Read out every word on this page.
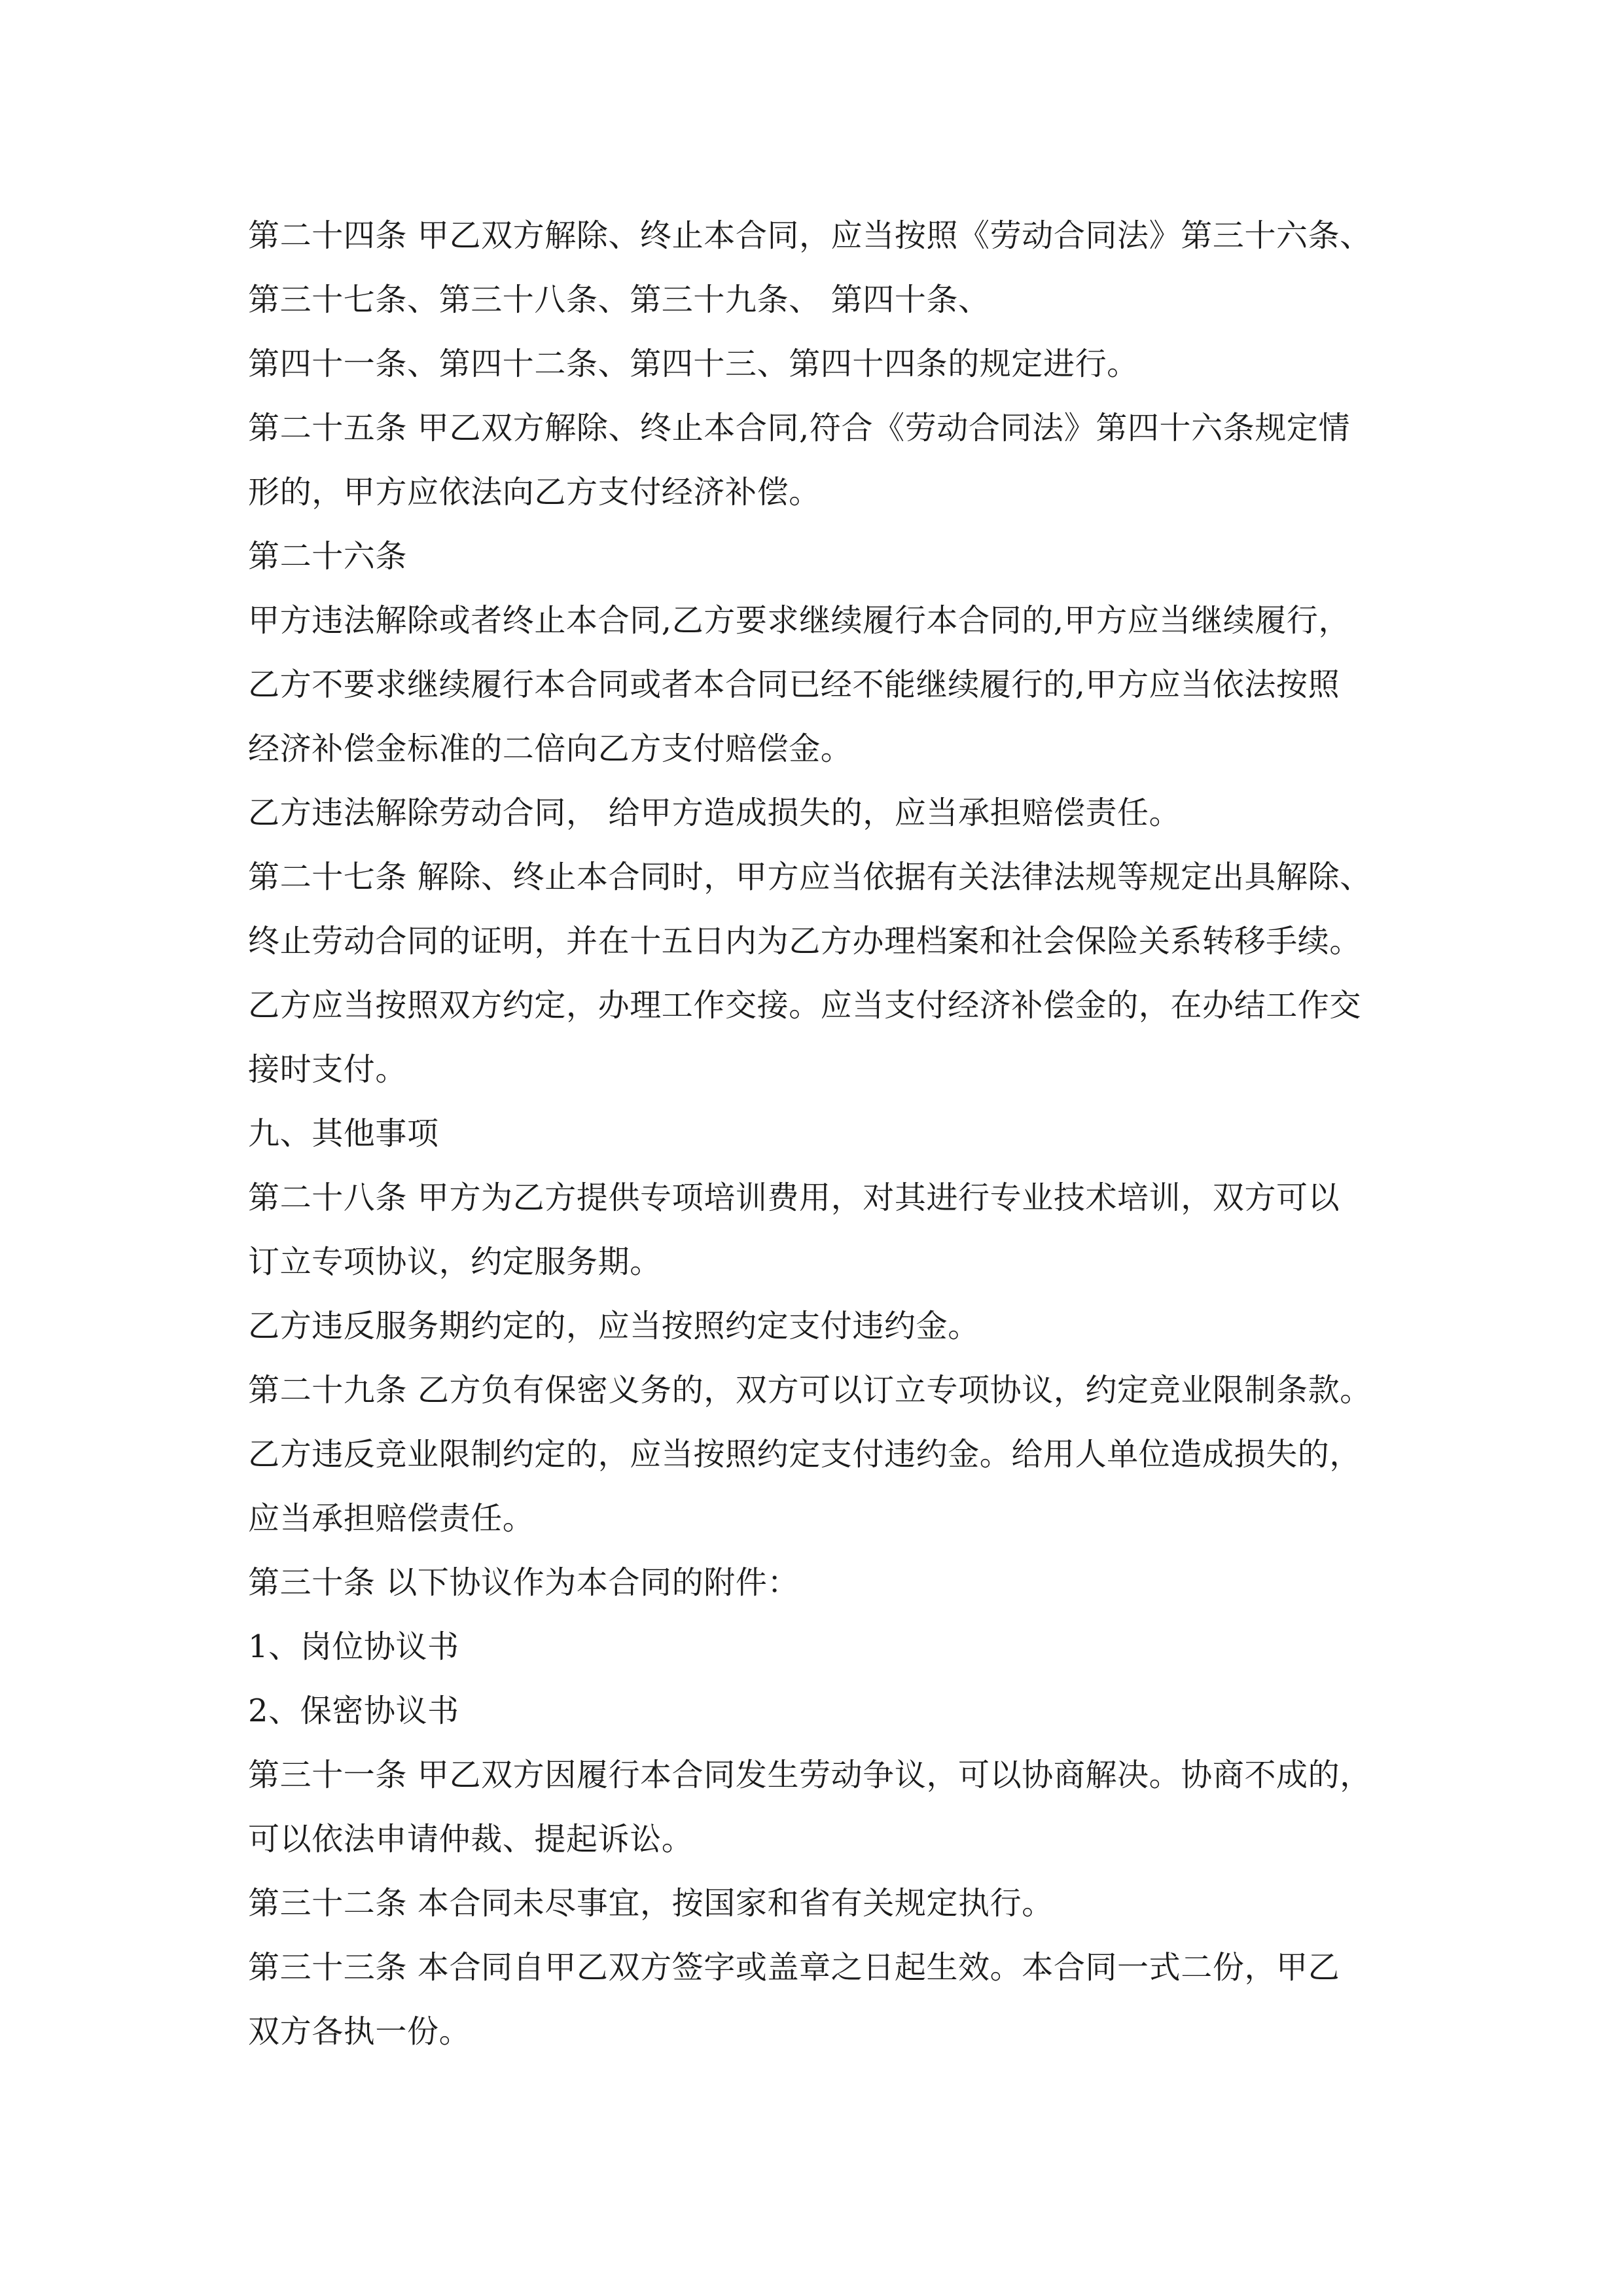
第二十四条 甲乙双方解除、终止本合同，应当按照《劳动合同法》第三十六条、
第三十七条、第三十八条、第三十九条、 第四十条、
第四十一条、第四十二条、第四十三、第四十四条的规定进行。
第二十五条 甲乙双方解除、终止本合同,符合《劳动合同法》第四十六条规定情
形的，甲方应依法向乙方支付经济补偿。
第二十六条
甲方违法解除或者终止本合同,乙方要求继续履行本合同的,甲方应当继续履行，
乙方不要求继续履行本合同或者本合同已经不能继续履行的,甲方应当依法按照
经济补偿金标准的二倍向乙方支付赔偿金。
乙方违法解除劳动合同， 给甲方造成损失的，应当承担赔偿责任。
第二十七条 解除、终止本合同时，甲方应当依据有关法律法规等规定出具解除、
终止劳动合同的证明，并在十五日内为乙方办理档案和社会保险关系转移手续。
乙方应当按照双方约定，办理工作交接。应当支付经济补偿金的，在办结工作交
接时支付。
九、其他事项
第二十八条 甲方为乙方提供专项培训费用，对其进行专业技术培训，双方可以
订立专项协议，约定服务期。
乙方违反服务期约定的，应当按照约定支付违约金。
第二十九条 乙方负有保密义务的，双方可以订立专项协议，约定竞业限制条款。
乙方违反竞业限制约定的，应当按照约定支付违约金。给用人单位造成损失的，
应当承担赔偿责任。
第三十条 以下协议作为本合同的附件：
1、岗位协议书
2、保密协议书
第三十一条 甲乙双方因履行本合同发生劳动争议，可以协商解决。协商不成的，
可以依法申请仲裁、提起诉讼。
第三十二条 本合同未尽事宜，按国家和省有关规定执行。
第三十三条 本合同自甲乙双方签字或盖章之日起生效。本合同一式二份，甲乙
双方各执一份。
